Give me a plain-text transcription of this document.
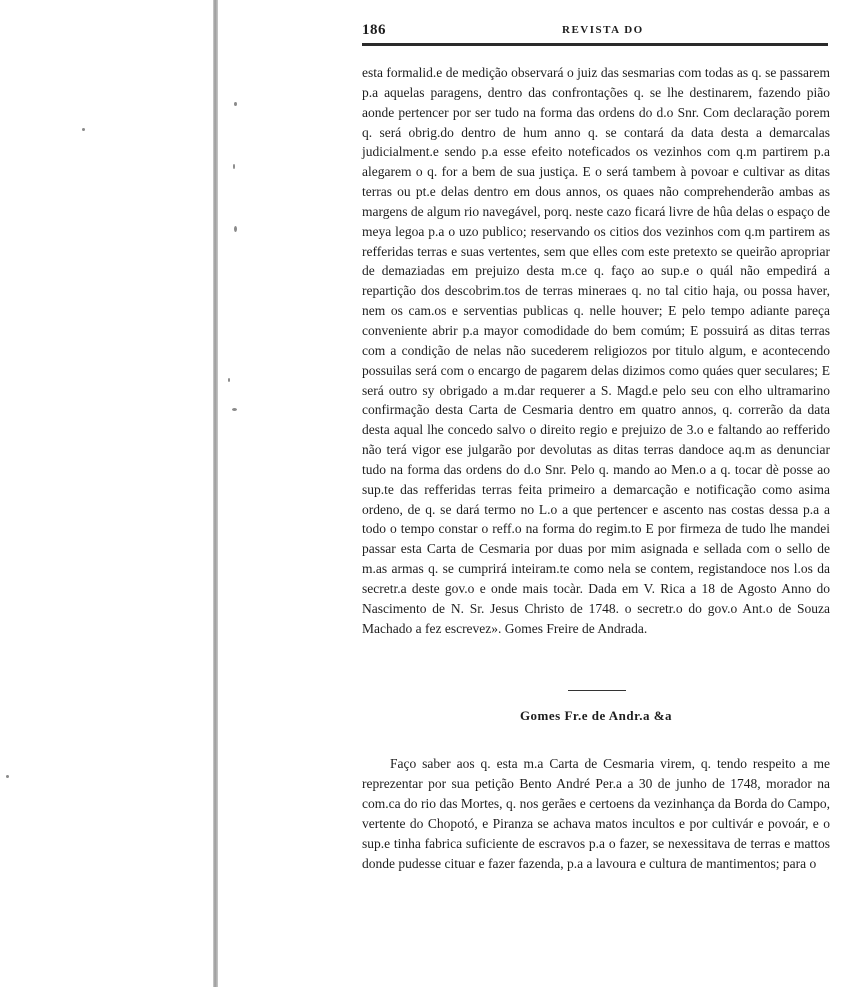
186	REVISTA DO

esta formalid.e de medição observará o juiz das sesmarias com todas as q. se passarem p.a aquelas paragens, dentro das confrontações q. se lhe destinarem, fazendo pião aonde pertencer por ser tudo na forma das ordens do d.o Snr. Com declaração porem q. será obrig.do dentro de hum anno q. se contará da data desta a demarcalas judicialment.e sendo p.a esse efeito noteficados os vezinhos com q.m partirem p.a alegarem o q. for a bem de sua justiça. E o será tambem à povoar e cultivar as ditas terras ou pt.e delas dentro em dous annos, os quaes não comprehenderão ambas as margens de algum rio navegável, porq. neste cazo ficará livre de hûa delas o espaço de meya legoa p.a o uzo publico; reservando os citios dos vezinhos com q.m partirem as refferidas terras e suas vertentes, sem que elles com este pretexto se queirão apropriar de demaziadas em prejuizo desta m.ce q. faço ao sup.e o quál não empedirá a repartição dos descobrim.tos de terras mineraes q. no tal citio haja, ou possa haver, nem os cam.os e serventias publicas q. nelle houver; E pelo tempo adiante pareça conveniente abrir p.a mayor comodidade do bem comúm; E possuirá as ditas terras com a condição de nelas não sucederem religiozos por titulo algum, e acontecendo possuilas será com o encargo de pagarem delas dizimos como quáes quer seculares; E será outro sy obrigado a m.dar requerer a S. Magd.e pelo seu con elho ultramarino confirmação desta Carta de Cesmaria dentro em quatro annos, q. correrão da data desta aqual lhe concedo salvo o direito regio e prejuizo de 3.o e faltando ao refferido não terá vigor ese julgarão por devolutas as ditas terras dandoce aq.m as denunciar tudo na forma das ordens do d.o Snr. Pelo q. mando ao Men.o a q. tocar dè posse ao sup.te das refferidas terras feita primeiro a demarcação e notificação como asima ordeno, de q. se dará termo no L.o a que pertencer e ascento nas costas dessa p.a a todo o tempo constar o reff.o na forma do regim.to E por firmeza de tudo lhe mandei passar esta Carta de Cesmaria por duas por mim asignada e sellada com o sello de m.as armas q. se cumprirá inteiram.te como nela se contem, registandoce nos l.os da secretr.a deste gov.o e onde mais tocàr. Dada em V. Rica a 18 de Agosto Anno do Nascimento de N. Sr. Jesus Christo de 1748. o secretr.o do gov.o Ant.o de Souza Machado a fez escrevez». Gomes Freire de Andrada.

Gomes Fr.e de Andr.a &a

Faço saber aos q. esta m.a Carta de Cesmaria virem, q. tendo respeito a me reprezentar por sua petição Bento André Per.a a 30 de junho de 1748, morador na com.ca do rio das Mortes, q. nos gerães e certoens da vezinhança da Borda do Campo, vertente do Chopotó, e Piranza se achava matos incultos e por cultivár e povoár, e o sup.e tinha fabrica suficiente de escravos p.a o fazer, se nexessitava de terras e mattos donde pudesse cituar e fazer fazenda, p.a a lavoura e cultura de mantimentos; para o
